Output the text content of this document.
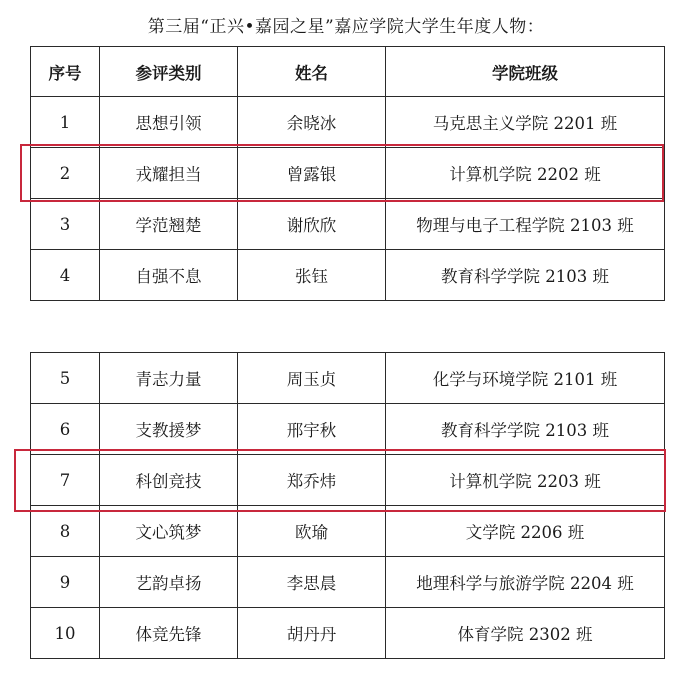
第三届“正兴•嘉园之星”嘉应学院大学生年度人物：
序号	参评类别	姓名	学院班级
1	思想引领	余晓冰	马克思主义学院 2201 班
2	戎耀担当	曾露银	计算机学院 2202 班
3	学范翘楚	谢欣欣	物理与电子工程学院 2103 班
4	自强不息	张钰	教育科学学院 2103 班
5	青志力量	周玉贞	化学与环境学院 2101 班
6	支教援梦	邢宇秋	教育科学学院 2103 班
7	科创竞技	郑乔炜	计算机学院 2203 班
8	文心筑梦	欧瑜	文学院 2206 班
9	艺韵卓扬	李思晨	地理科学与旅游学院 2204 班
10	体竞先锋	胡丹丹	体育学院 2302 班
